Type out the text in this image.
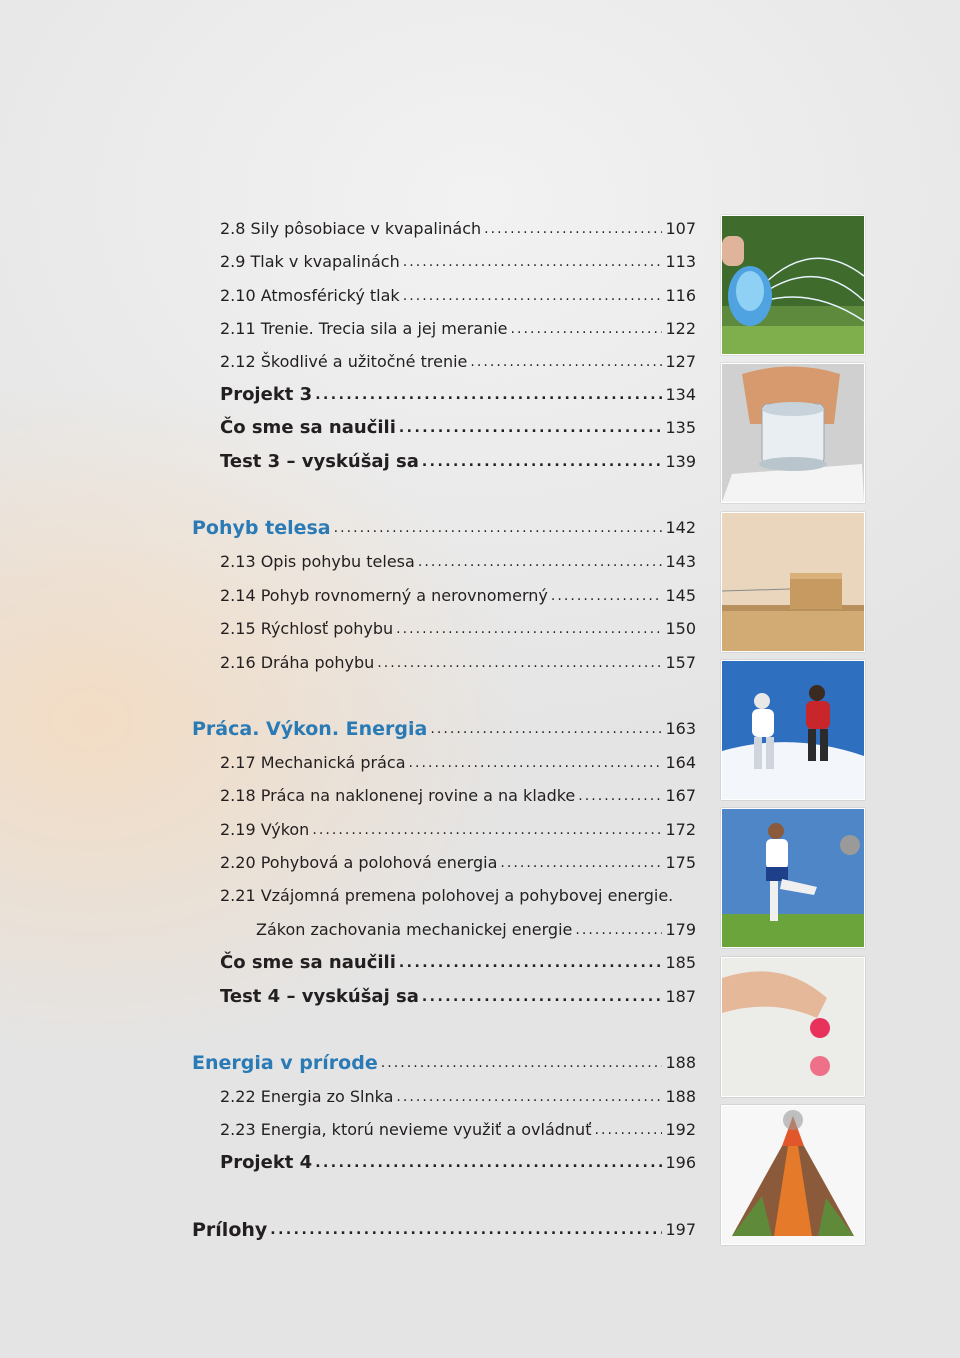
2.8 Sily pôsobiace v kvapalinách . . .	107
2.9 Tlak v kvapalinách . . .	113
2.10 Atmosférický tlak . . .	116
2.11 Trenie. Trecia sila a jej meranie . . .	122
2.12 Škodlivé a užitočné trenie . . .	127
Projekt 3 . . .	134
Čo sme sa naučili . . .	135
Test 3 – vyskúšaj sa . . .	139
Pohyb telesa . . .	142
2.13 Opis pohybu telesa . . .	143
2.14 Pohyb rovnomerný a nerovnomerný . . .	145
2.15 Rýchlosť pohybu . . .	150
2.16 Dráha pohybu . . .	157
Práca. Výkon. Energia . . .	163
2.17 Mechanická práca . . .	164
2.18 Práca na naklonenej rovine a na kladke . . .	167
2.19 Výkon . . .	172
2.20 Pohybová a polohová energia . . .	175
2.21 Vzájomná premena polohovej a pohybovej energie.
Zákon zachovania mechanickej energie . . .	179
Čo sme sa naučili . . .	185
Test 4 – vyskúšaj sa . . .	187
Energia v prírode . . .	188
2.22 Energia zo Slnka . . .	188
2.23 Energia, ktorú nevieme využiť a ovládnuť . . .	192
Projekt 4 . . .	196
Prílohy . . .	197
